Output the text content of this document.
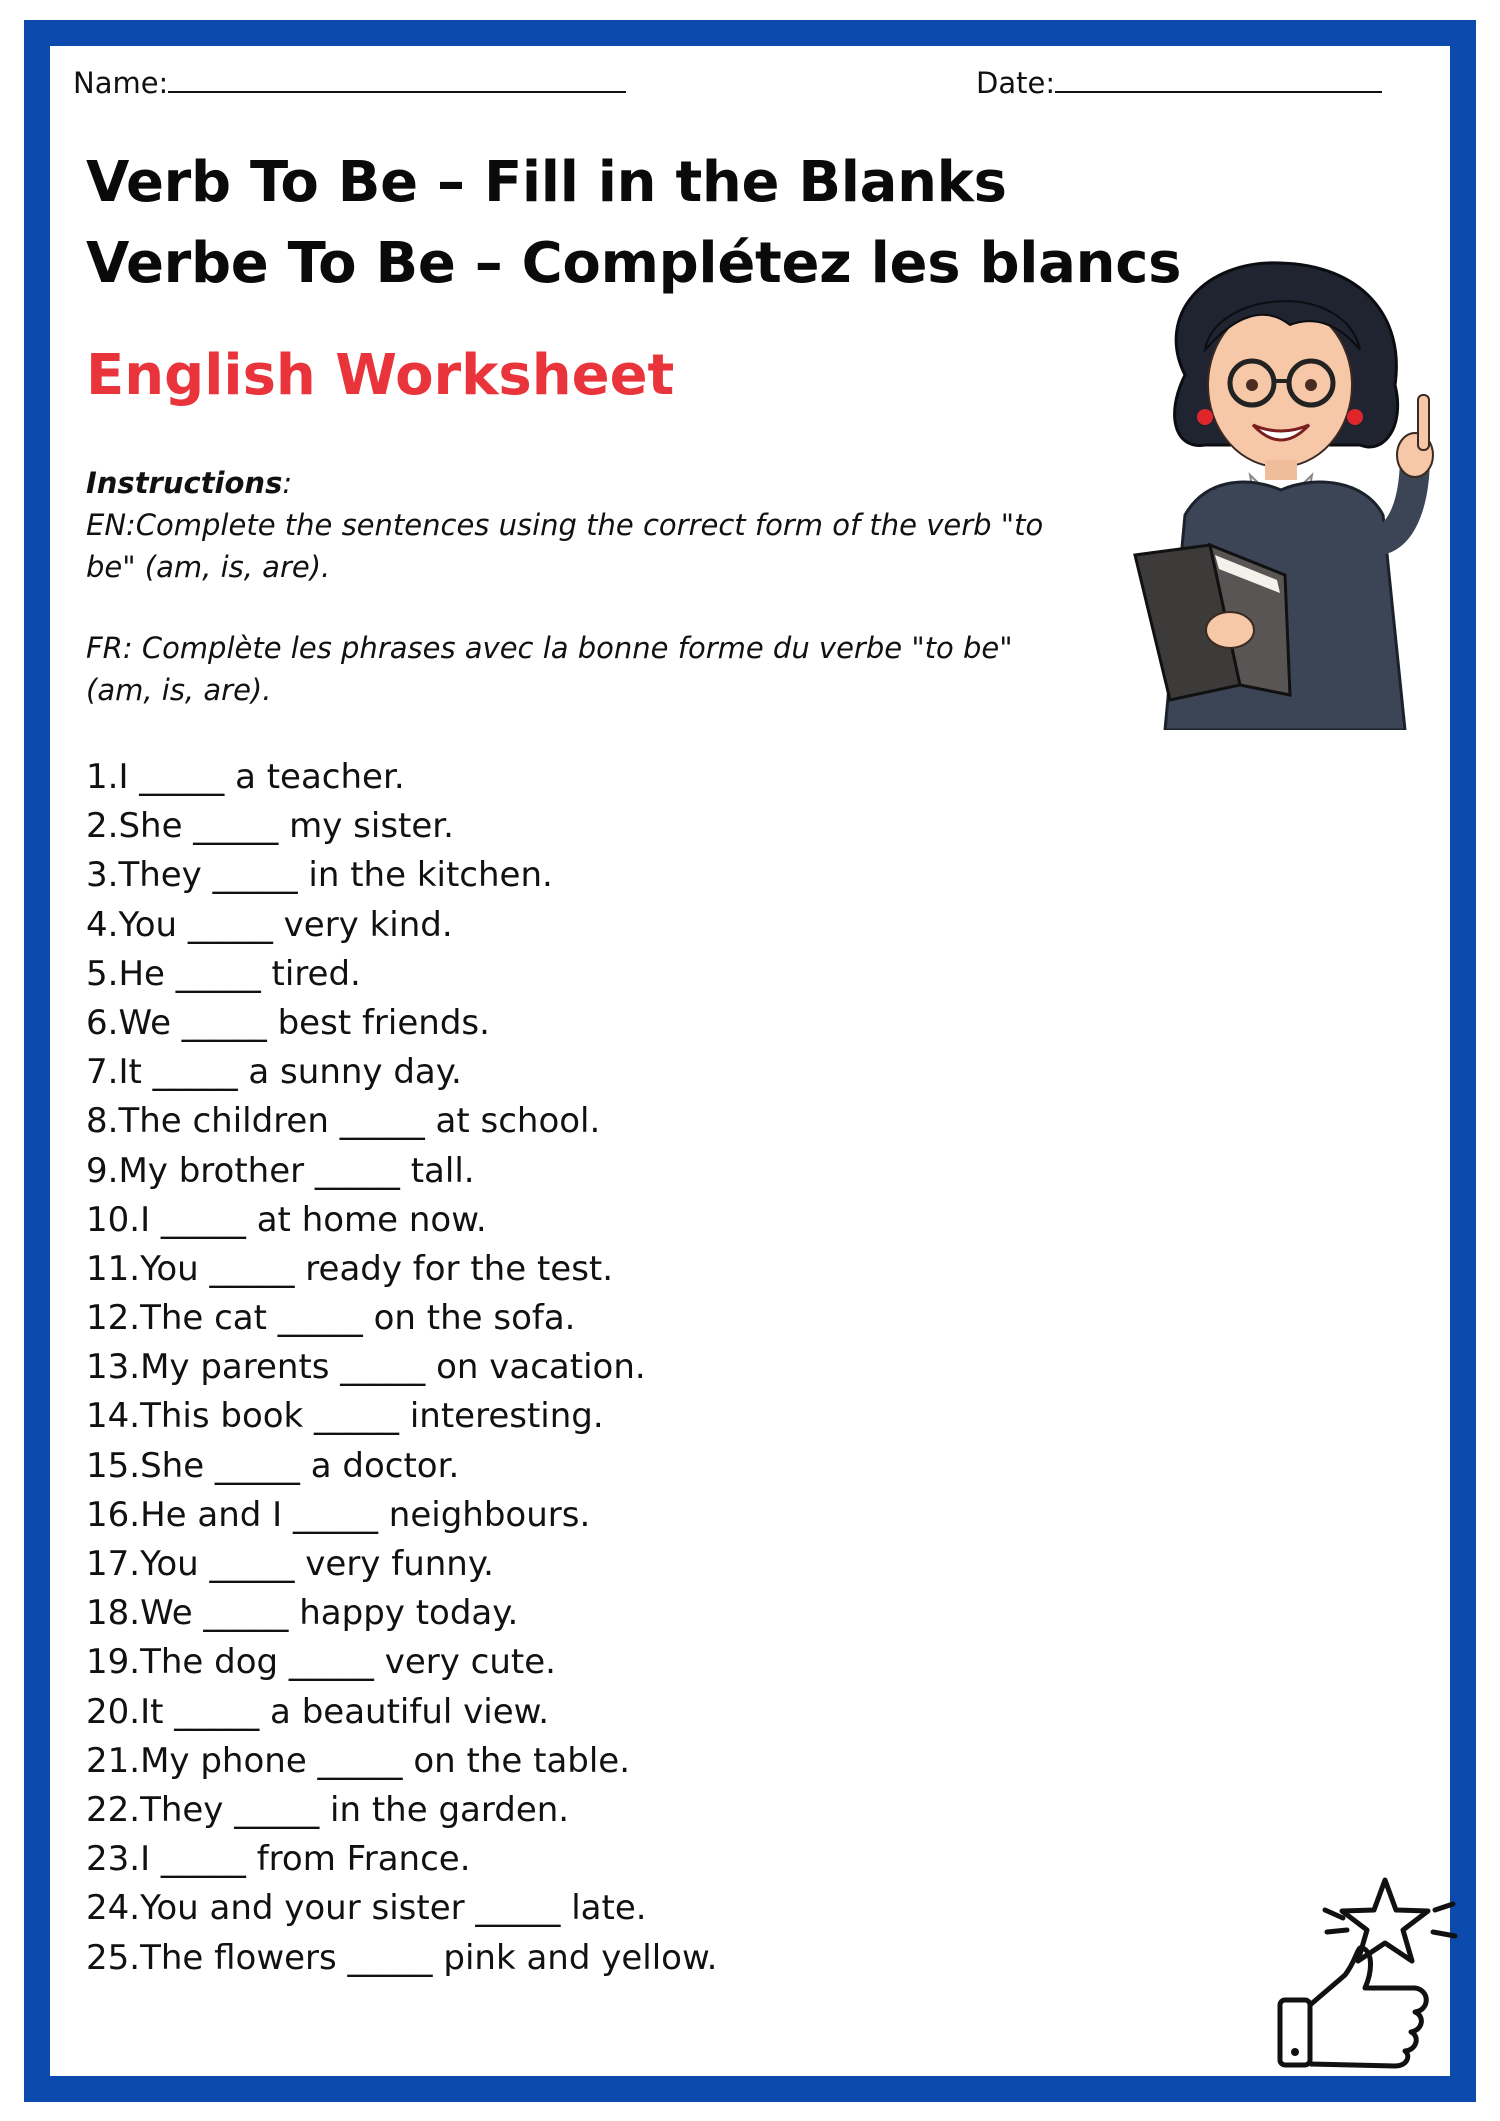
Name:	Date:
Verb To Be – Fill in the Blanks
Verbe To Be – Complétez les blancs
English Worksheet
Instructions:
EN:Complete the sentences using the correct form of the verb "to be" (am, is, are).
FR: Complète les phrases avec la bonne forme du verbe "to be" (am, is, are).
1.I _____ a teacher.
2.She _____ my sister.
3.They _____ in the kitchen.
4.You _____ very kind.
5.He _____ tired.
6.We _____ best friends.
7.It _____ a sunny day.
8.The children _____ at school.
9.My brother _____ tall.
10.I _____ at home now.
11.You _____ ready for the test.
12.The cat _____ on the sofa.
13.My parents _____ on vacation.
14.This book _____ interesting.
15.She _____ a doctor.
16.He and I _____ neighbours.
17.You _____ very funny.
18.We _____ happy today.
19.The dog _____ very cute.
20.It _____ a beautiful view.
21.My phone _____ on the table.
22.They _____ in the garden.
23.I _____ from France.
24.You and your sister _____ late.
25.The flowers _____ pink and yellow.
